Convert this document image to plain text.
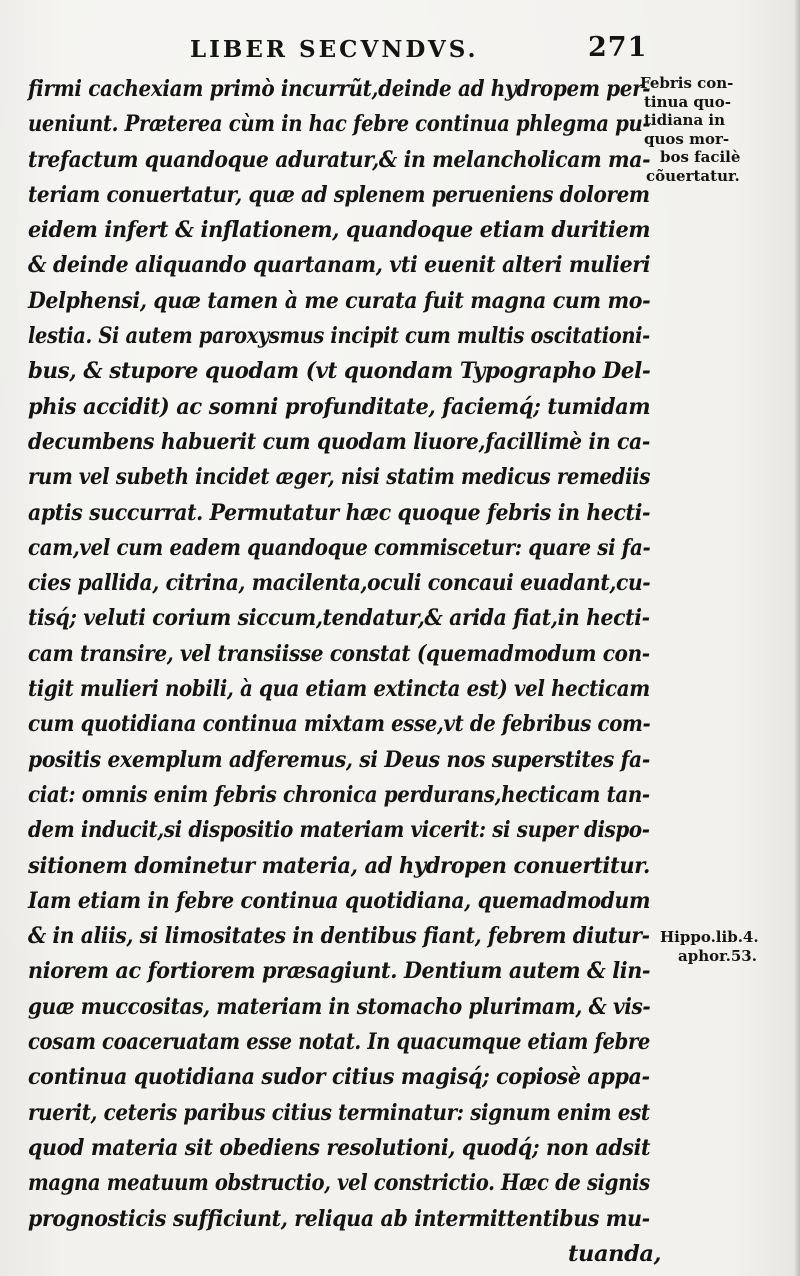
LIBER SECVNDVS.	271
firmi cachexiam primò incurrũt,deinde ad hydropem per-
ueniunt. Præterea cùm in hac febre continua phlegma pu-
trefactum quandoque aduratur,& in melancholicam ma-
teriam conuertatur, quæ ad splenem perueniens dolorem
eidem infert & inflationem, quandoque etiam duritiem
& deinde aliquando quartanam, vti euenit alteri mulieri
Delphensi, quæ tamen à me curata fuit magna cum mo-
lestia. Si autem paroxysmus incipit cum multis oscitationi-
bus, & stupore quodam (vt quondam Typographo Del-
phis accidit) ac somni profunditate, faciemq́; tumidam
decumbens habuerit cum quodam liuore,facillimè in ca-
rum vel subeth incidet æger, nisi statim medicus remediis
aptis succurrat. Permutatur hæc quoque febris in hecti-
cam,vel cum eadem quandoque commiscetur: quare si fa-
cies pallida, citrina, macilenta,oculi concaui euadant,cu-
tisq́; veluti corium siccum,tendatur,& arida fiat,in hecti-
cam transire, vel transiisse constat (quemadmodum con-
tigit mulieri nobili, à qua etiam extincta est) vel hecticam
cum quotidiana continua mixtam esse,vt de febribus com-
positis exemplum adferemus, si Deus nos superstites fa-
ciat: omnis enim febris chronica perdurans,hecticam tan-
dem inducit,si dispositio materiam vicerit: si super dispo-
sitionem dominetur materia, ad hydropen conuertitur.
Iam etiam in febre continua quotidiana, quemadmodum
& in aliis, si limositates in dentibus fiant, febrem diutur-
niorem ac fortiorem præsagiunt. Dentium autem & lin-
guæ muccositas, materiam in stomacho plurimam, & vis-
cosam coaceruatam esse notat. In quacumque etiam febre
continua quotidiana sudor citius magisq́; copiosè appa-
ruerit, ceteris paribus citius terminatur: signum enim est
quod materia sit obediens resolutioni, quodq́; non adsit
magna meatuum obstructio, vel constrictio. Hæc de signis
prognosticis sufficiunt, reliqua ab intermittentibus mu-
tuanda,
Febris con-
tinua quo-
tidiana in
quos mor-
bos facilè
cõuertatur.
Hippo.lib.4.
aphor.53.
